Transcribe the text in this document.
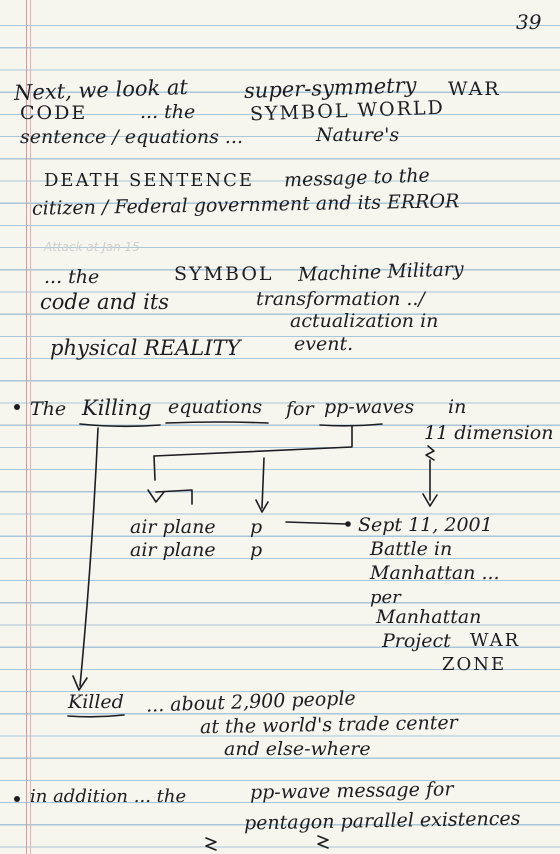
39
Next, we look at	super-symmetry WAR
CODE	... the	SYMBOL WORLD
sentence / equations ...	Nature's
DEATH SENTENCE message to the
citizen / Federal government and its ERROR
Attack at Jan 15
... the	SYMBOL Machine Military
code and its	transformation ../
actualization in
physical REALITY	event.
The Killing equations for pp-waves in
11 dimension
air plane p
air plane p
Sept 11, 2001
Battle in
Manhattan ...
per
Manhattan
Project WAR
ZONE
Killed ... about 2,900 people
at the world's trade center
and else-where
in addition ... the	pp-wave message for
pentagon parallel existences
